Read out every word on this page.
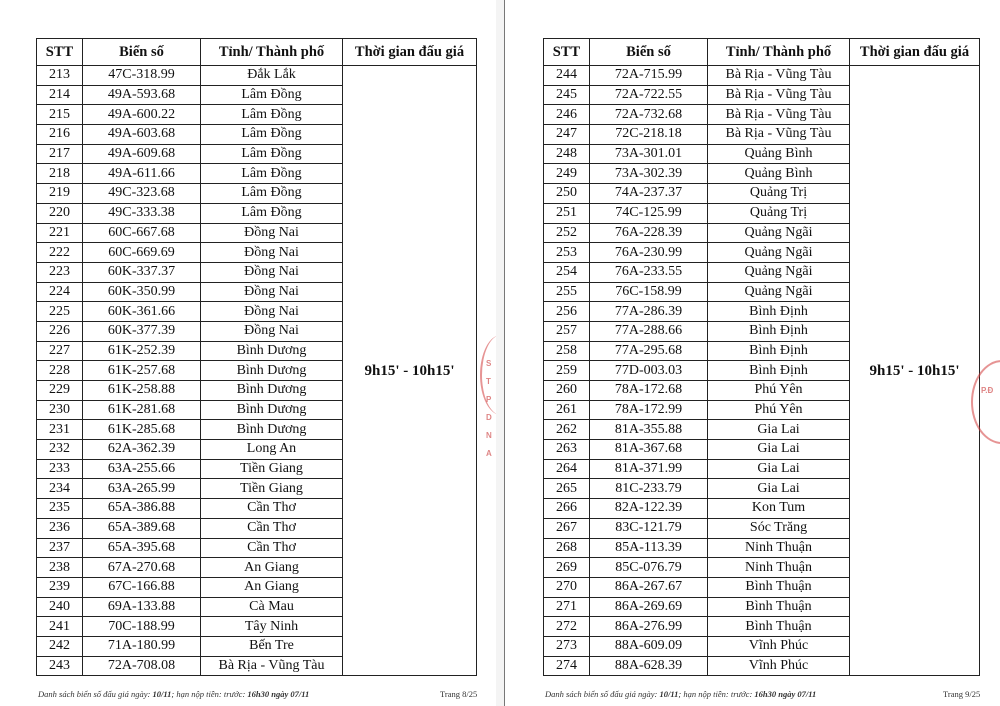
STT	Biển số	Tỉnh/ Thành phố	Thời gian đấu giá
213	47C-318.99	Đắk Lắk	9h15' - 10h15'
214	49A-593.68	Lâm Đồng	
215	49A-600.22	Lâm Đồng	
216	49A-603.68	Lâm Đồng	
217	49A-609.68	Lâm Đồng	
218	49A-611.66	Lâm Đồng	
219	49C-323.68	Lâm Đồng	
220	49C-333.38	Lâm Đồng	
221	60C-667.68	Đồng Nai	
222	60C-669.69	Đồng Nai	
223	60K-337.37	Đồng Nai	
224	60K-350.99	Đồng Nai	
225	60K-361.66	Đồng Nai	
226	60K-377.39	Đồng Nai	
227	61K-252.39	Bình Dương	
228	61K-257.68	Bình Dương	
229	61K-258.88	Bình Dương	
230	61K-281.68	Bình Dương	
231	61K-285.68	Bình Dương	
232	62A-362.39	Long An	
233	63A-255.66	Tiền Giang	
234	63A-265.99	Tiền Giang	
235	65A-386.88	Cần Thơ	
236	65A-389.68	Cần Thơ	
237	65A-395.68	Cần Thơ	
238	67A-270.68	An Giang	
239	67C-166.88	An Giang	
240	69A-133.88	Cà Mau	
241	70C-188.99	Tây Ninh	
242	71A-180.99	Bến Tre	
243	72A-708.08	Bà Rịa - Vũng Tàu	
Danh sách biển số đấu giá ngày: 10/11; hạn nộp tiền: trước: 16h30 ngày 07/11	Trang 8/25
S T P D NA
STT	Biển số	Tỉnh/ Thành phố	Thời gian đấu giá
244	72A-715.99	Bà Rịa - Vũng Tàu	9h15' - 10h15'
245	72A-722.55	Bà Rịa - Vũng Tàu	
246	72A-732.68	Bà Rịa - Vũng Tàu	
247	72C-218.18	Bà Rịa - Vũng Tàu	
248	73A-301.01	Quảng Bình	
249	73A-302.39	Quảng Bình	
250	74A-237.37	Quảng Trị	
251	74C-125.99	Quảng Trị	
252	76A-228.39	Quảng Ngãi	
253	76A-230.99	Quảng Ngãi	
254	76A-233.55	Quảng Ngãi	
255	76C-158.99	Quảng Ngãi	
256	77A-286.39	Bình Định	
257	77A-288.66	Bình Định	
258	77A-295.68	Bình Định	
259	77D-003.03	Bình Định	
260	78A-172.68	Phú Yên	
261	78A-172.99	Phú Yên	
262	81A-355.88	Gia Lai	
263	81A-367.68	Gia Lai	
264	81A-371.99	Gia Lai	
265	81C-233.79	Gia Lai	
266	82A-122.39	Kon Tum	
267	83C-121.79	Sóc Trăng	
268	85A-113.39	Ninh Thuận	
269	85C-076.79	Ninh Thuận	
270	86A-267.67	Bình Thuận	
271	86A-269.69	Bình Thuận	
272	86A-276.99	Bình Thuận	
273	88A-609.09	Vĩnh Phúc	
274	88A-628.39	Vĩnh Phúc	
Danh sách biển số đấu giá ngày: 10/11; hạn nộp tiền: trước: 16h30 ngày 07/11	Trang 9/25
P.Đ
